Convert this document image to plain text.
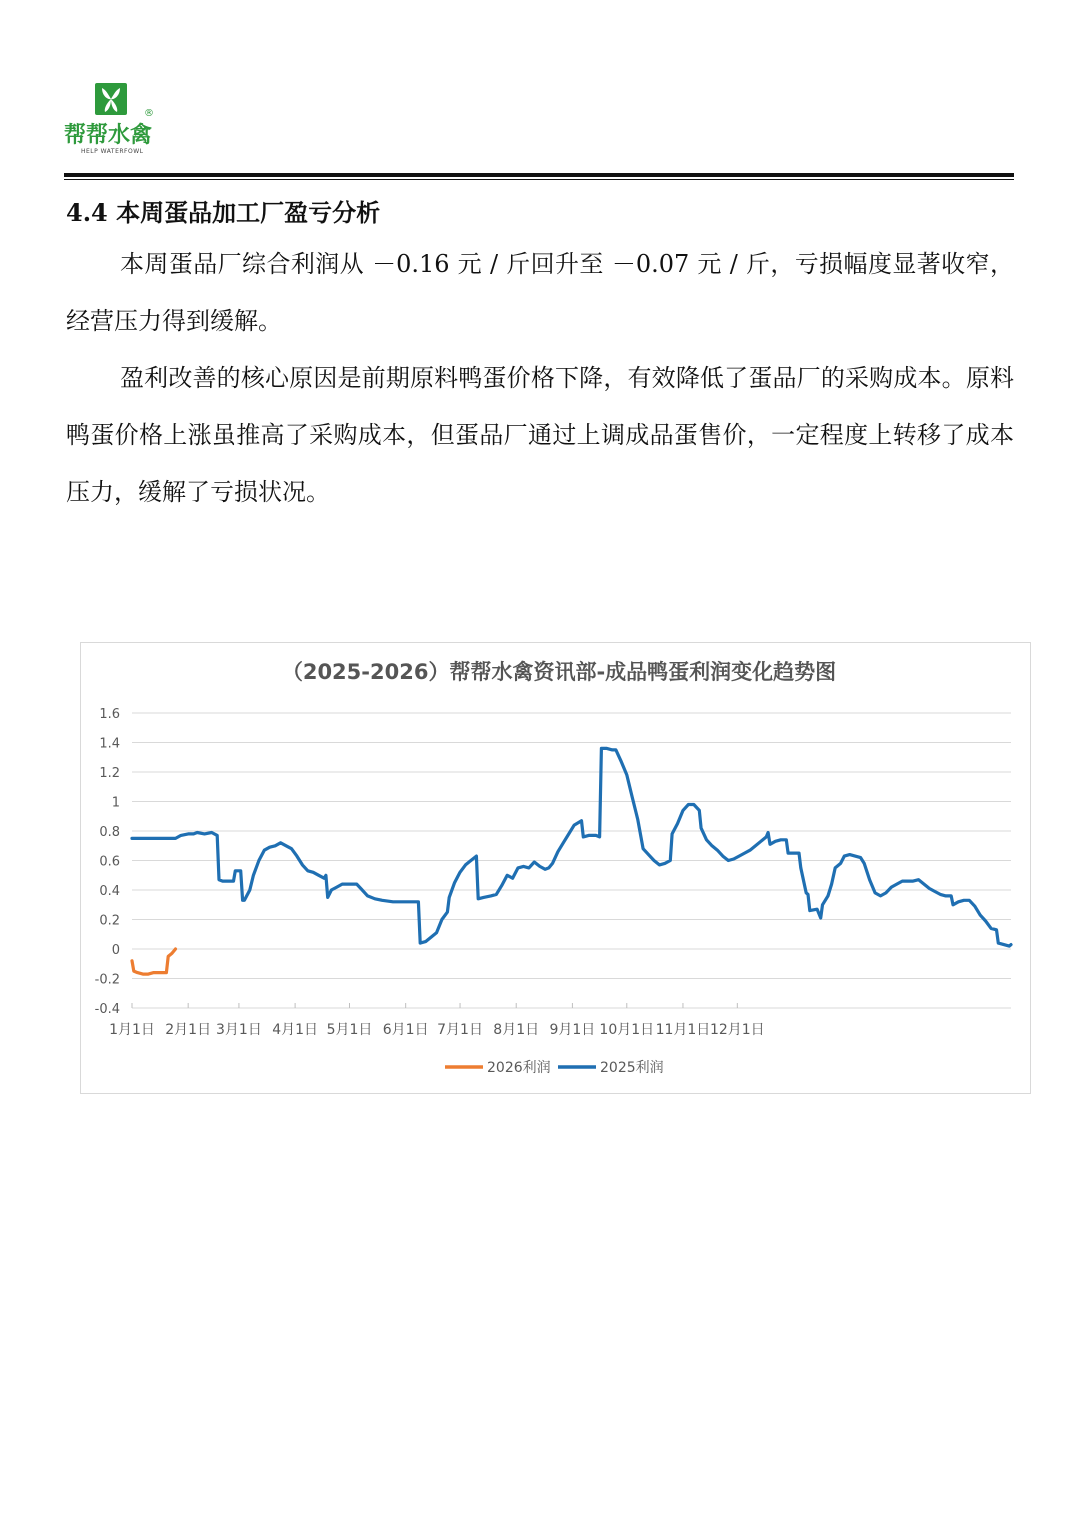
®
帮帮水禽
HELP WATERFOWL
4.4 本周蛋品加工厂盈亏分析

本周蛋品厂综合利润从 －0.16 元 / 斤回升至 －0.07 元 / 斤，亏损幅度显著收窄，经营压力得到缓解。

盈利改善的核心原因是前期原料鸭蛋价格下降，有效降低了蛋品厂的采购成本。原料鸭蛋价格上涨虽推高了采购成本，但蛋品厂通过上调成品蛋售价，一定程度上转移了成本压力，缓解了亏损状况。

（2025-2026）帮帮水禽资讯部-成品鸭蛋利润变化趋势图
1.6
1.4
1.2
1
0.8
0.6
0.4
0.2
0
-0.2
-0.4
1月1日 2月1日 3月1日 4月1日 5月1日 6月1日 7月1日 8月1日 9月1日 10月1日 11月1日 12月1日
2026利润	2025利润
